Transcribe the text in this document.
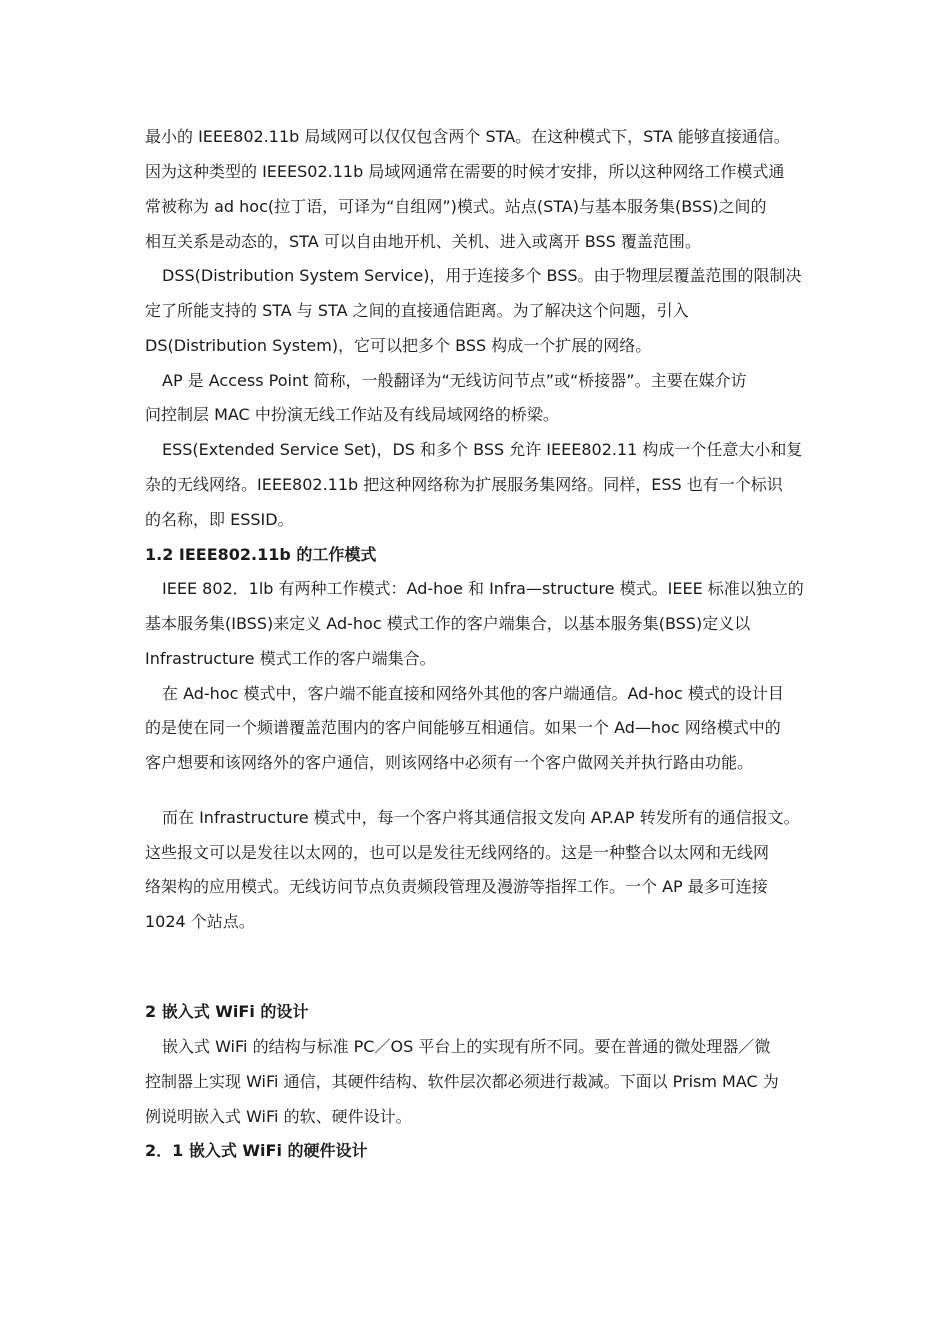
最小的 IEEE802.11b 局域网可以仅仅包含两个 STA。在这种模式下，STA 能够直接通信。
因为这种类型的 IEEES02.11b 局域网通常在需要的时候才安排，所以这种网络工作模式通
常被称为 ad hoc(拉丁语，可译为“自组网”)模式。站点(STA)与基本服务集(BSS)之间的
相互关系是动态的，STA 可以自由地开机、关机、进入或离开 BSS 覆盖范围。
DSS(Distribution System Service)，用于连接多个 BSS。由于物理层覆盖范围的限制决
定了所能支持的 STA 与 STA 之间的直接通信距离。为了解决这个问题，引入
DS(Distribution System)，它可以把多个 BSS 构成一个扩展的网络。
AP 是 Access Point 简称，一般翻译为“无线访问节点”或“桥接器”。主要在媒介访
问控制层 MAC 中扮演无线工作站及有线局域网络的桥梁。
ESS(Extended Service Set)，DS 和多个 BSS 允许 IEEE802.11 构成一个任意大小和复
杂的无线网络。IEEE802.11b 把这种网络称为扩展服务集网络。同样，ESS 也有一个标识
的名称，即 ESSID。
1.2 IEEE802.11b 的工作模式
IEEE 802．1lb 有两种工作模式：Ad-hoe 和 Infra—structure 模式。IEEE 标准以独立的
基本服务集(IBSS)来定义 Ad-hoc 模式工作的客户端集合，以基本服务集(BSS)定义以
Infrastructure 模式工作的客户端集合。
在 Ad-hoc 模式中，客户端不能直接和网络外其他的客户端通信。Ad-hoc 模式的设计目
的是使在同一个频谱覆盖范围内的客户间能够互相通信。如果一个 Ad—hoc 网络模式中的
客户想要和该网络外的客户通信，则该网络中必须有一个客户做网关并执行路由功能。
而在 Infrastructure 模式中，每一个客户将其通信报文发向 AP.AP 转发所有的通信报文。
这些报文可以是发往以太网的，也可以是发往无线网络的。这是一种整合以太网和无线网
络架构的应用模式。无线访问节点负责频段管理及漫游等指挥工作。一个 AP 最多可连接
1024 个站点。
2 嵌入式 WiFi 的设计
嵌入式 WiFi 的结构与标准 PC／OS 平台上的实现有所不同。要在普通的微处理器／微
控制器上实现 WiFi 通信，其硬件结构、软件层次都必须进行裁减。下面以 Prism MAC 为
例说明嵌入式 WiFi 的软、硬件设计。
2．1 嵌入式 WiFi 的硬件设计
